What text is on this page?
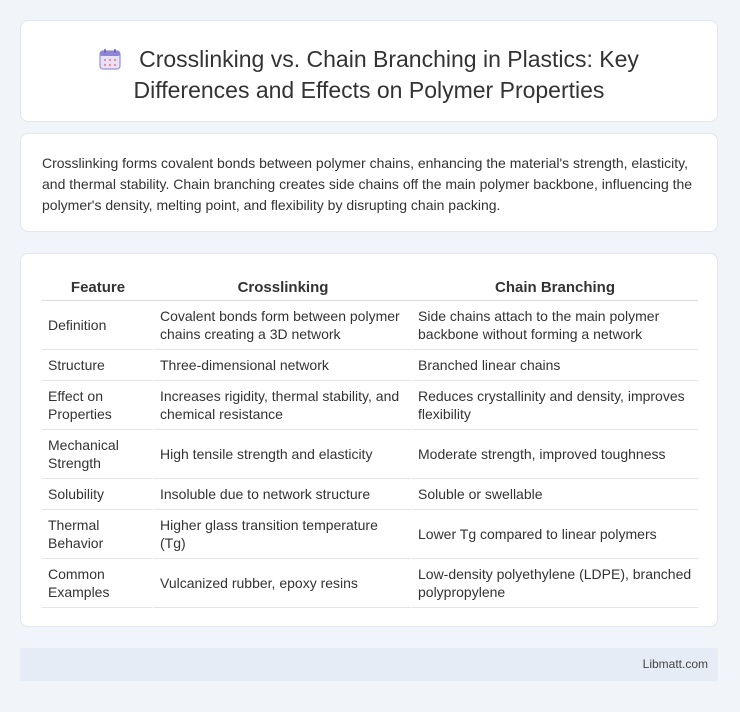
Crosslinking vs. Chain Branching in Plastics: Key Differences and Effects on Polymer Properties

Crosslinking forms covalent bonds between polymer chains, enhancing the material's strength, elasticity, and thermal stability. Chain branching creates side chains off the main polymer backbone, influencing the polymer's density, melting point, and flexibility by disrupting chain packing.

Feature	Crosslinking	Chain Branching
Definition	Covalent bonds form between polymer chains creating a 3D network	Side chains attach to the main polymer backbone without forming a network
Structure	Three-dimensional network	Branched linear chains
Effect on Properties	Increases rigidity, thermal stability, and chemical resistance	Reduces crystallinity and density, improves flexibility
Mechanical Strength	High tensile strength and elasticity	Moderate strength, improved toughness
Solubility	Insoluble due to network structure	Soluble or swellable
Thermal Behavior	Higher glass transition temperature (Tg)	Lower Tg compared to linear polymers
Common Examples	Vulcanized rubber, epoxy resins	Low-density polyethylene (LDPE), branched polypropylene
Libmatt.com
